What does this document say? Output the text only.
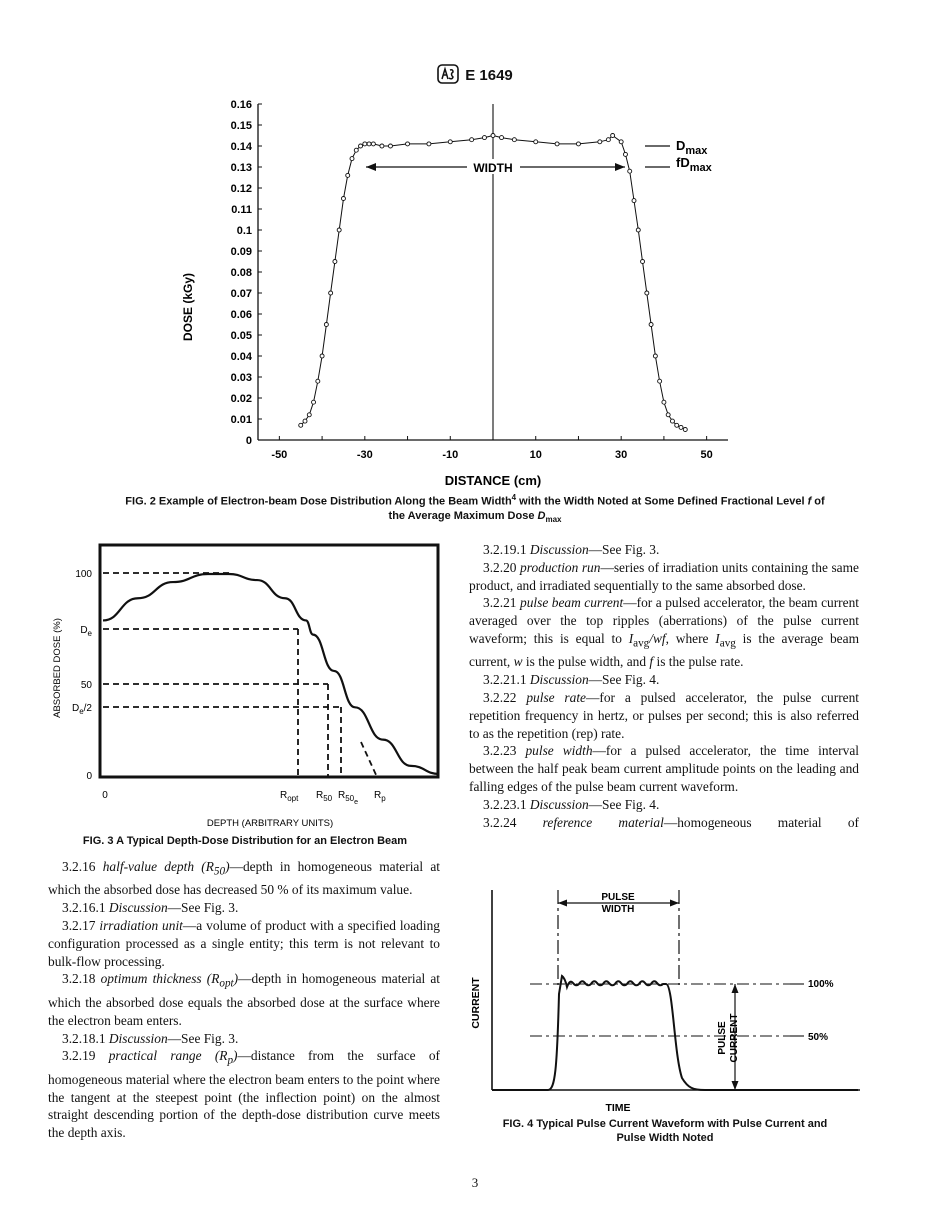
E 1649
0.16
0.15
0.14
0.13
0.12
0.11
0.1
0.09
0.08
0.07
0.06
0.05
0.04
0.03
0.02
0.01
0
-50	-30	-10	10	30	50
DOSE (kGy)
DISTANCE (cm)
WIDTH
$D_{max}$
$fD_{max}$
FIG. 2 Example of Electron-beam Dose Distribution Along the Beam Width$^4$ with the Width Noted at Some Defined Fractional Level f of
the Average Maximum Dose $D_{max}$
ABSORBED DOSE (%)
100
$D_e$
50
$D_e/2$
0
0	$R_{opt}$ $R_{50}$ $R_{50e}$
$R_p$
DEPTH (ARBITRARY UNITS)
FIG. 3 A Typical Depth-Dose Distribution for an Electron Beam

3.2.16 half-value depth $(R_{50})—depth$ in homogeneous material at which the absorbed dose has decreased 50 % of its maximum value.

3.2.16.1 Discussion—See Fig. 3.

3.2.17 irradiation unit—a volume of product with a specified loading configuration processed as a single entity; this term is not relevant to bulk-flow processing.

3.2.18 optimum thickness $(R_{opt})—depth$ in homogeneous material at which the absorbed dose equals the absorbed dose at the surface where the electron beam enters.

3.2.18.1 Discussion—See Fig. 3.

3.2.19 practical range $(R_p)—distance$ from the surface of homogeneous material where the electron beam enters to the point where the tangent at the steepest point (the inflection point) on the almost straight descending portion of the depth-dose distribution curve meets the depth axis.

3.2.19.1 Discussion—See Fig. 3.

3.2.20 production run—series of irradiation units containing the same product, and irradiated sequentially to the same absorbed dose.

3.2.21 pulse beam current—for a pulsed accelerator, the beam current averaged over the top ripples (aberrations) of the pulse current waveform; this is equal to $I_{avg}/wf$, where $I_{avg}$ is the average beam current, w is the pulse width, and f is the pulse rate.

3.2.21.1 Discussion—See Fig. 4.

3.2.22 pulse rate—for a pulsed accelerator, the pulse current repetition frequency in hertz, or pulses per second; this is also referred to as the repetition (rep) rate.

3.2.23 pulse width—for a pulsed accelerator, the time interval between the half peak beam current amplitude points on the leading and falling edges of the pulse beam current waveform.

3.2.23.1 Discussion—See Fig. 4.

3.2.24 reference material—homogeneous material of

PULSE WIDTH
PULSECURRENT
100%
50%
CURRENT
TIME
FIG. 4 Typical Pulse Current Waveform with Pulse Current and
Pulse Width Noted
3
